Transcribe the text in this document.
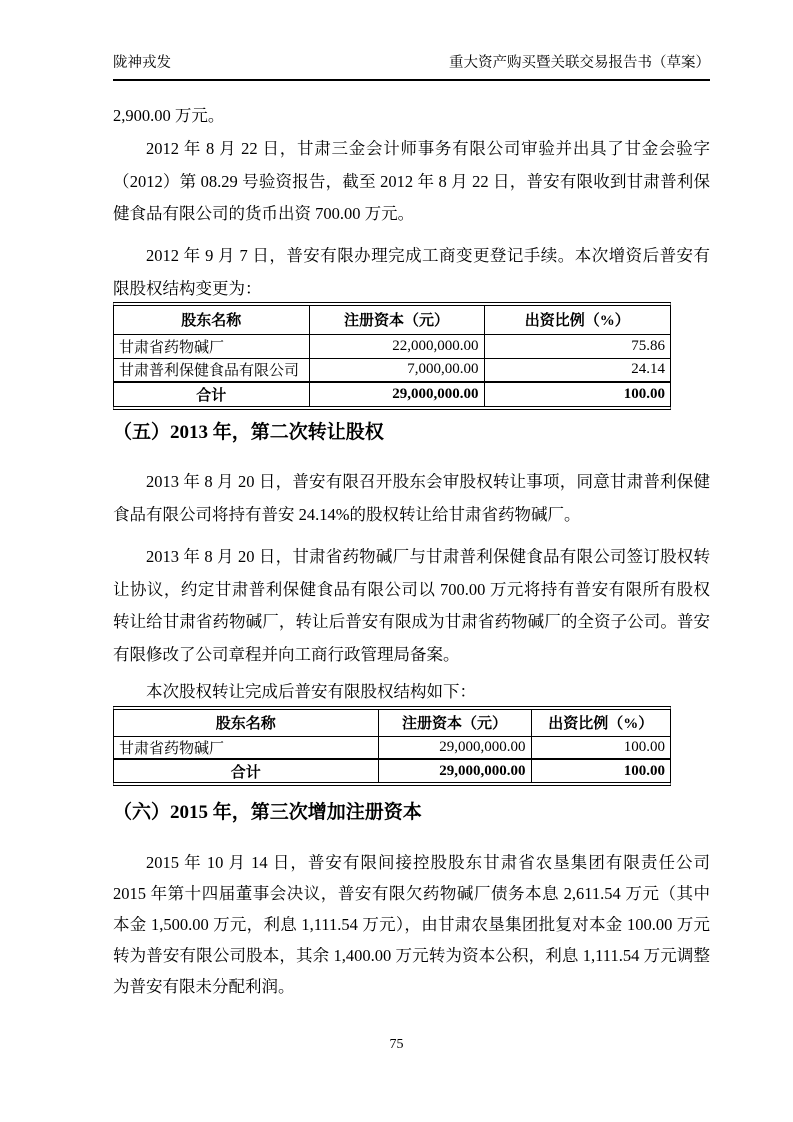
陇神戎发	重大资产购买暨关联交易报告书（草案）
2,900.00 万元。
2012 年 8 月 22 日，甘肃三金会计师事务有限公司审验并出具了甘金会验字（2012）第 08.29 号验资报告，截至 2012 年 8 月 22 日，普安有限收到甘肃普利保健食品有限公司的货币出资 700.00 万元。
2012 年 9 月 7 日，普安有限办理完成工商变更登记手续。本次增资后普安有限股权结构变更为：
股东名称	注册资本（元）	出资比例（%）
甘肃省药物碱厂	22,000,000.00	75.86
甘肃普利保健食品有限公司	7,000,00.00	24.14
合计	29,000,000.00	100.00
（五）2013 年，第二次转让股权
2013 年 8 月 20 日，普安有限召开股东会审股权转让事项，同意甘肃普利保健食品有限公司将持有普安 24.14%的股权转让给甘肃省药物碱厂。
2013 年 8 月 20 日，甘肃省药物碱厂与甘肃普利保健食品有限公司签订股权转让协议，约定甘肃普利保健食品有限公司以 700.00 万元将持有普安有限所有股权转让给甘肃省药物碱厂，转让后普安有限成为甘肃省药物碱厂的全资子公司。普安有限修改了公司章程并向工商行政管理局备案。
本次股权转让完成后普安有限股权结构如下：
股东名称	注册资本（元）	出资比例（%）
甘肃省药物碱厂	29,000,000.00	100.00
合计	29,000,000.00	100.00
（六）2015 年，第三次增加注册资本
2015 年 10 月 14 日，普安有限间接控股股东甘肃省农垦集团有限责任公司 2015 年第十四届董事会决议，普安有限欠药物碱厂债务本息 2,611.54 万元（其中本金 1,500.00 万元，利息 1,111.54 万元），由甘肃农垦集团批复对本金 100.00 万元转为普安有限公司股本，其余 1,400.00 万元转为资本公积，利息 1,111.54 万元调整为普安有限未分配利润。
75
